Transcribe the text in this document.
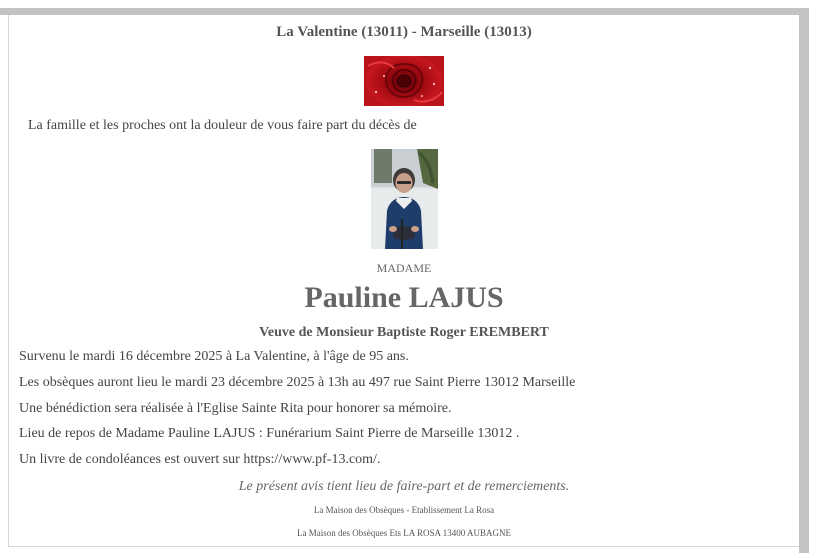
La Valentine (13011) - Marseille (13013)
La famille et les proches ont la douleur de vous faire part du décès de
MADAME
Pauline LAJUS
Veuve de Monsieur Baptiste Roger EREMBERT
Survenu le mardi 16 décembre 2025 à La Valentine, à l'âge de 95 ans.
Les obsèques auront lieu le mardi 23 décembre 2025 à 13h au 497 rue Saint Pierre 13012 Marseille
Une bénédiction sera réalisée à l'Eglise Sainte Rita pour honorer sa mémoire.
Lieu de repos de Madame Pauline LAJUS : Funérarium Saint Pierre de Marseille 13012 .
Un livre de condoléances est ouvert sur https://www.pf-13.com/.
Le présent avis tient lieu de faire-part et de remerciements.
La Maison des Obsèques - Etablissement La Rosa
La Maison des Obsèques Ets LA ROSA 13400 AUBAGNE
